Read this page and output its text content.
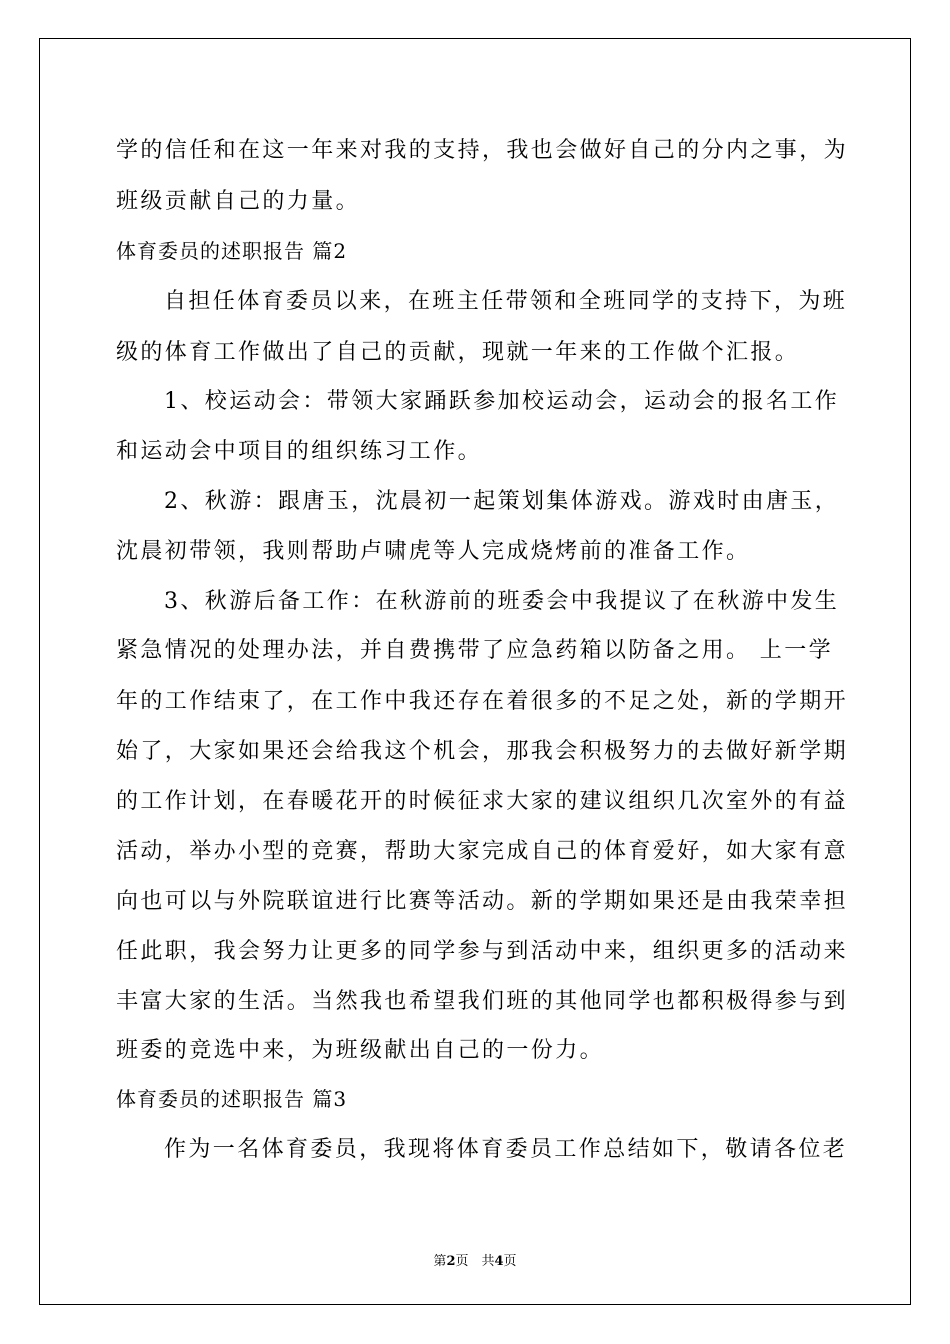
学的信任和在这一年来对我的支持，我也会做好自己的分内之事，为
班级贡献自己的力量。
体育委员的述职报告 篇2
自担任体育委员以来，在班主任带领和全班同学的支持下，为班
级的体育工作做出了自己的贡献，现就一年来的工作做个汇报。
1、校运动会：带领大家踊跃参加校运动会，运动会的报名工作
和运动会中项目的组织练习工作。
2、秋游：跟唐玉，沈晨初一起策划集体游戏。游戏时由唐玉，
沈晨初带领，我则帮助卢啸虎等人完成烧烤前的准备工作。
3、秋游后备工作：在秋游前的班委会中我提议了在秋游中发生
紧急情况的处理办法，并自费携带了应急药箱以防备之用。 上一学
年的工作结束了，在工作中我还存在着很多的不足之处，新的学期开
始了，大家如果还会给我这个机会，那我会积极努力的去做好新学期
的工作计划，在春暖花开的时候征求大家的建议组织几次室外的有益
活动，举办小型的竞赛，帮助大家完成自己的体育爱好，如大家有意
向也可以与外院联谊进行比赛等活动。新的学期如果还是由我荣幸担
任此职，我会努力让更多的同学参与到活动中来，组织更多的活动来
丰富大家的生活。当然我也希望我们班的其他同学也都积极得参与到
班委的竞选中来，为班级献出自己的一份力。
体育委员的述职报告 篇3
作为一名体育委员，我现将体育委员工作总结如下，敬请各位老
第2页　共4页
